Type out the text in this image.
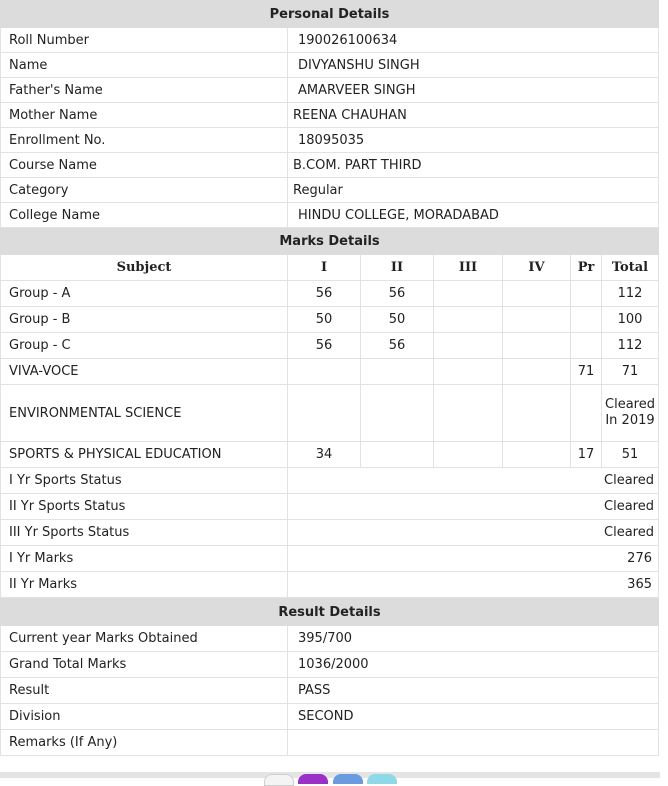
Personal Details	
Roll Number	190026100634
Name	DIVYANSHU SINGH
Father's Name	AMARVEER SINGH
Mother Name	REENA CHAUHAN
Enrollment No.	18095035
Course Name	B.COM. PART THIRD
Category	Regular
College Name	HINDU COLLEGE, MORADABAD
Marks Details						
Subject	I	II	III	IV	Pr	Total
Group - A	56	56				112
Group - B	50	50				100
Group - C	56	56				112
VIVA-VOCE					71	71
ENVIRONMENTAL SCIENCE						Cleared In 2019
SPORTS & PHYSICAL EDUCATION	34				17	51
I Yr Sports Status	Cleared					
II Yr Sports Status	Cleared					
III Yr Sports Status	Cleared					
I Yr Marks	276					
II Yr Marks	365					
Result Details	
Current year Marks Obtained	395/700
Grand Total Marks	1036/2000
Result	PASS
Division	SECOND
Remarks (If Any)	
